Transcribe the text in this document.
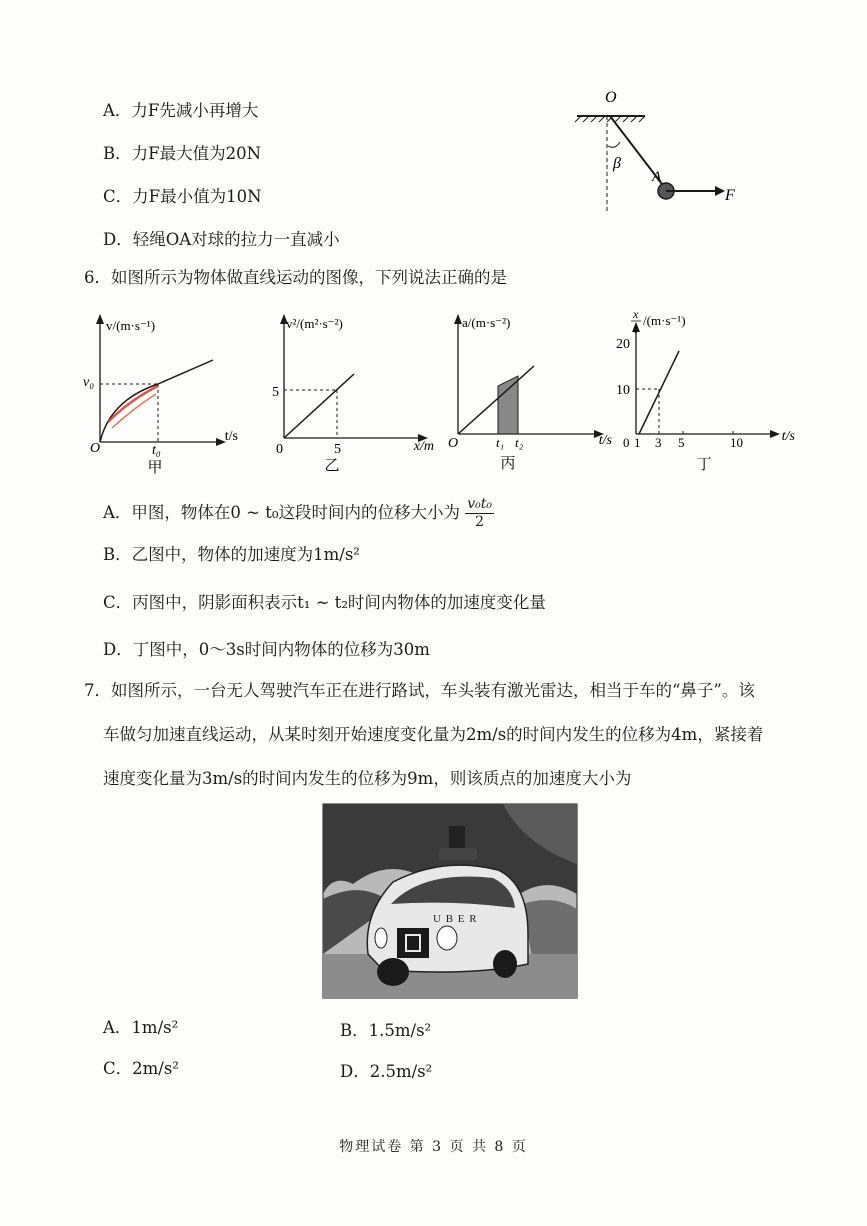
A．力F先减小再增大
B．力F最大值为20N
C．力F最小值为10N
D．轻绳OA对球的拉力一直减小
O
β
A
F
6．如图所示为物体做直线运动的图像，下列说法正确的是
v/(m·s⁻¹)
t/s
v₀
t₀
O
甲
v²/(m²·s⁻²)
x/m
5
5
0
乙
a/(m·s⁻²)
t/s
O	t₁ t₂
丙
x
t
/(m·s⁻¹)
t/s
20
10
0 1 3 5	10
丁
A．甲图，物体在0 ~ t₀这段时间内的位移大小为 $\frac{\text{v₀t₀}}{2}$
B．乙图中，物体的加速度为1m/s²
C．丙图中，阴影面积表示t₁ ~ t₂时间内物体的加速度变化量
D．丁图中，0～3s时间内物体的位移为30m
7．如图所示，一台无人驾驶汽车正在进行路试，车头装有激光雷达，相当于车的“鼻子”。该
车做匀加速直线运动，从某时刻开始速度变化量为2m/s的时间内发生的位移为4m，紧接着
速度变化量为3m/s的时间内发生的位移为9m，则该质点的加速度大小为
U B E R
A．1m/s²	B．1.5m/s²
C．2m/s²	D．2.5m/s²
物理试卷 第 3 页 共 8 页
